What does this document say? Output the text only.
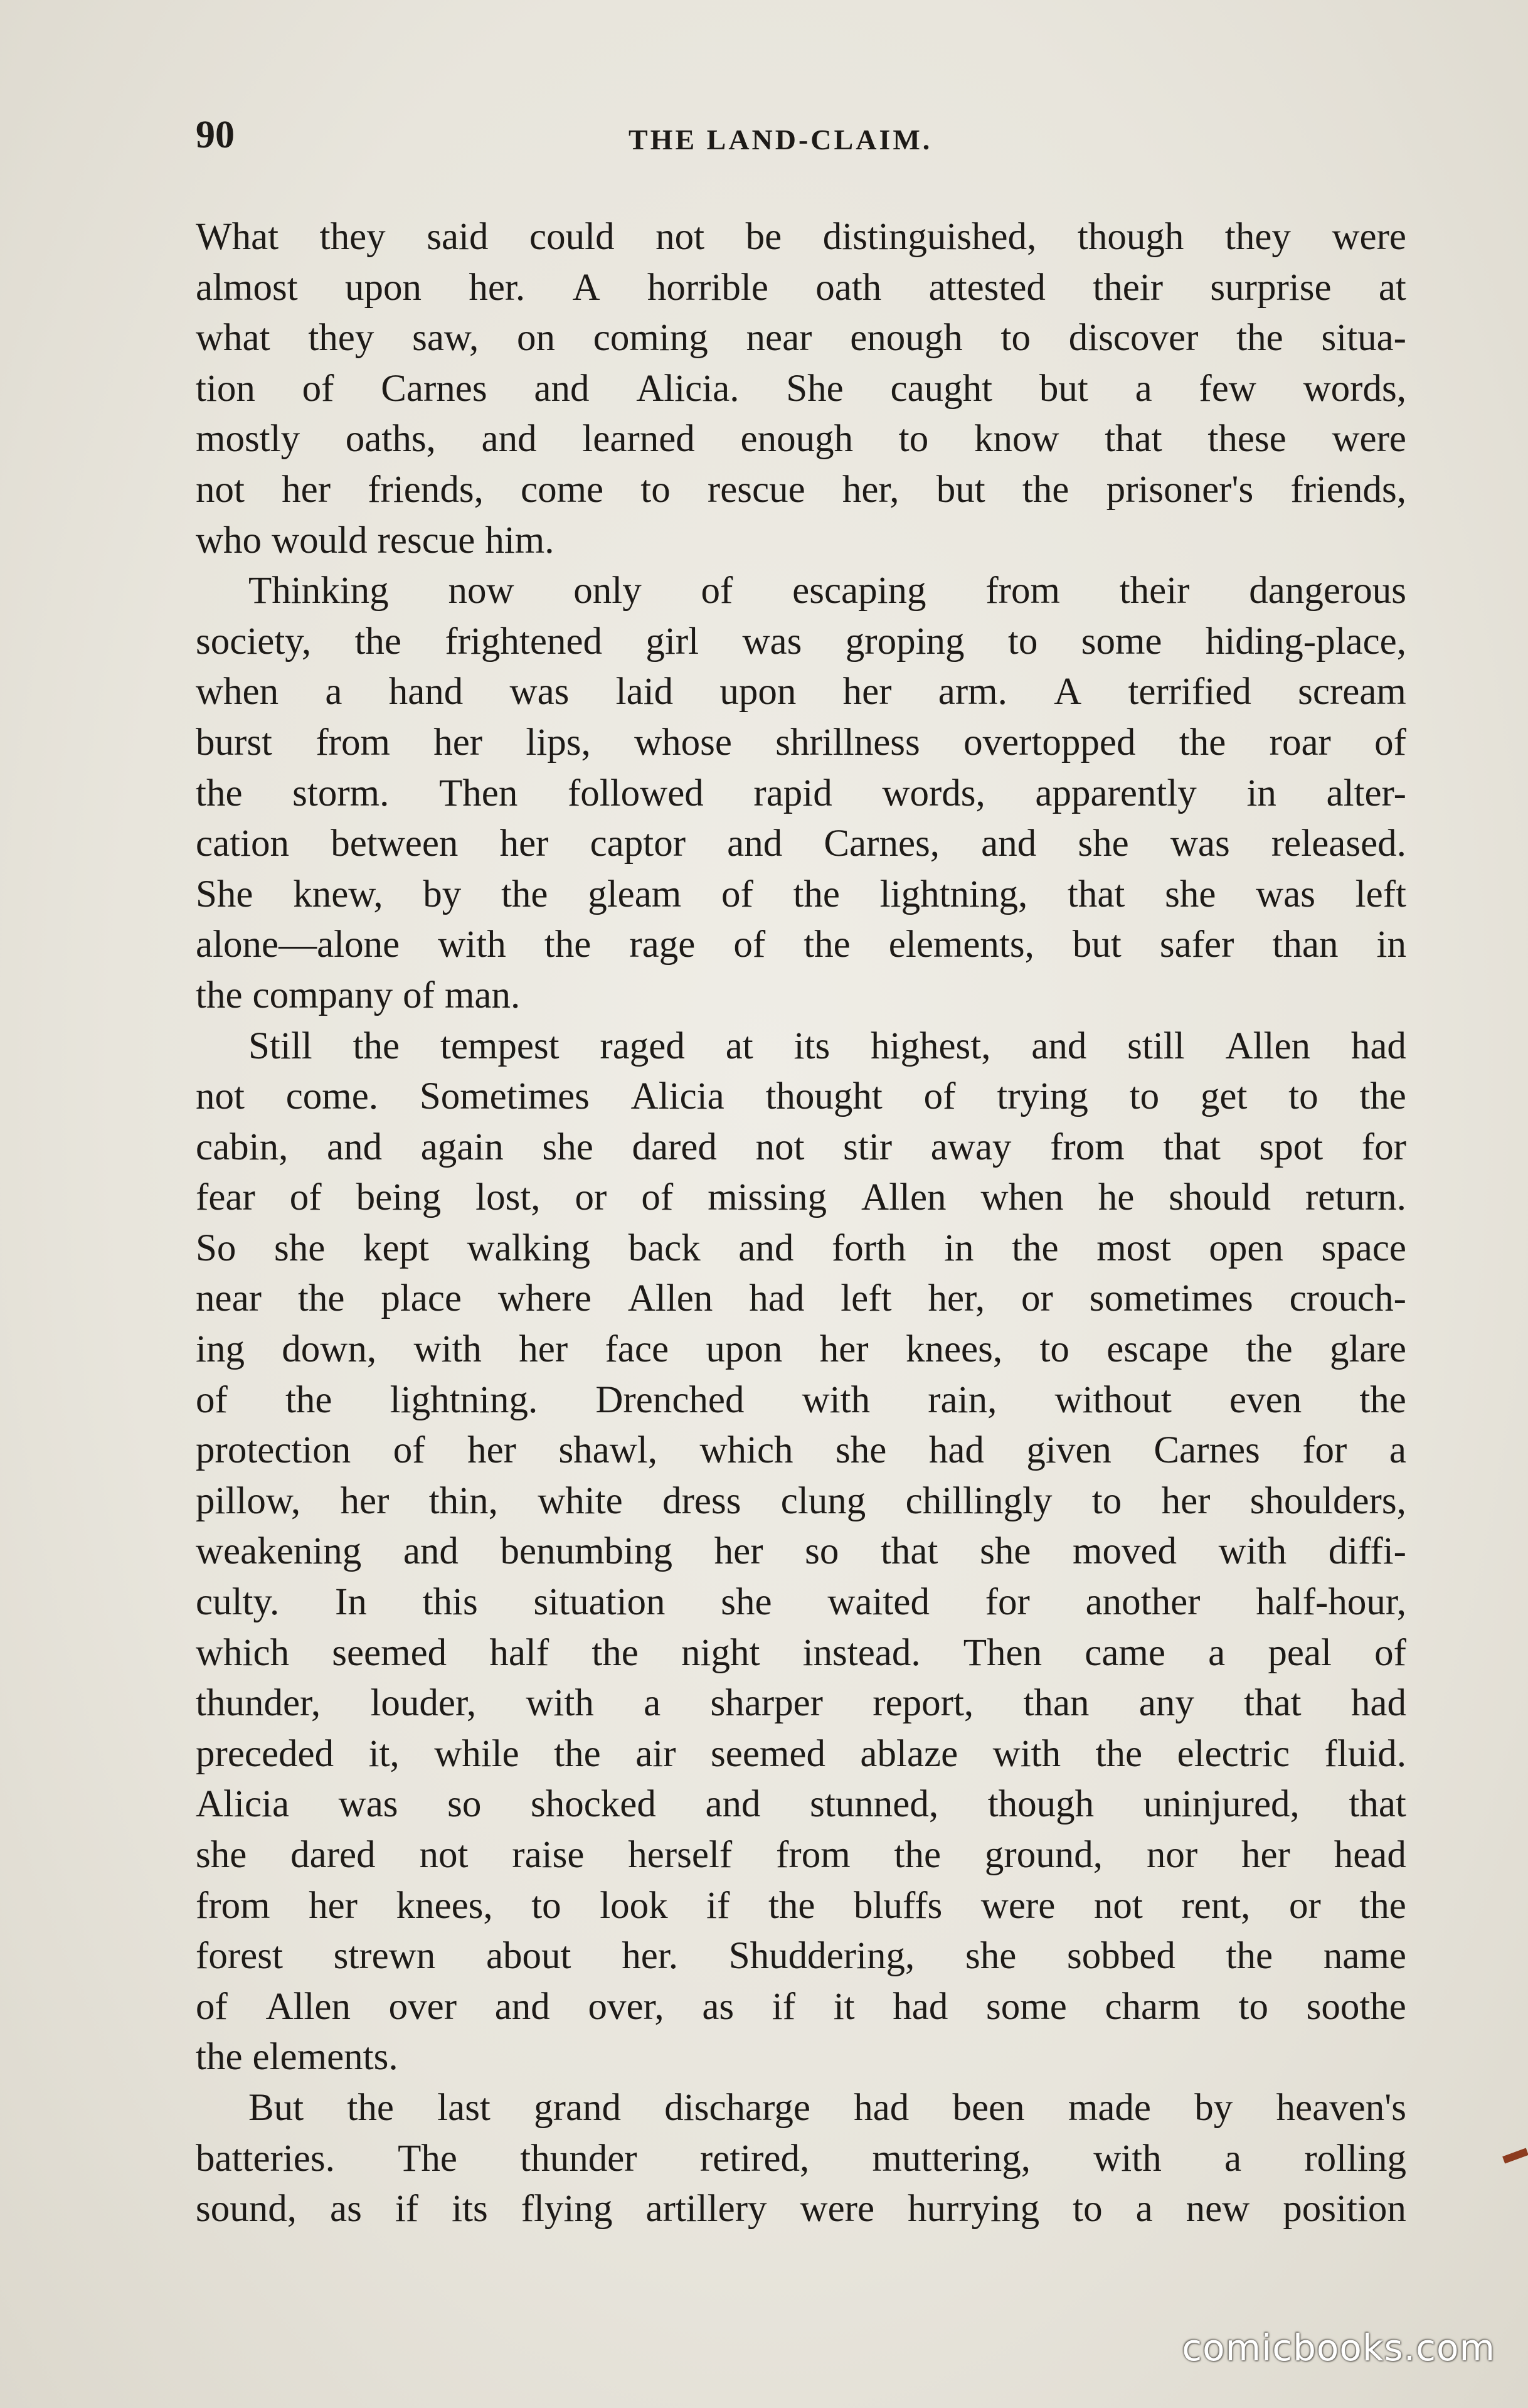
90	THE LAND-CLAIM.
What they said could not be distinguished, though they were
almost upon her. A horrible oath attested their surprise at
what they saw, on coming near enough to discover the situa-
tion of Carnes and Alicia. She caught but a few words,
mostly oaths, and learned enough to know that these were
not her friends, come to rescue her, but the prisoner's friends,
who would rescue him.
Thinking now only of escaping from their dangerous
society, the frightened girl was groping to some hiding-place,
when a hand was laid upon her arm. A terrified scream
burst from her lips, whose shrillness overtopped the roar of
the storm. Then followed rapid words, apparently in alter-
cation between her captor and Carnes, and she was released.
She knew, by the gleam of the lightning, that she was left
alone—alone with the rage of the elements, but safer than in
the company of man.
Still the tempest raged at its highest, and still Allen had
not come. Sometimes Alicia thought of trying to get to the
cabin, and again she dared not stir away from that spot for
fear of being lost, or of missing Allen when he should return.
So she kept walking back and forth in the most open space
near the place where Allen had left her, or sometimes crouch-
ing down, with her face upon her knees, to escape the glare
of the lightning. Drenched with rain, without even the
protection of her shawl, which she had given Carnes for a
pillow, her thin, white dress clung chillingly to her shoulders,
weakening and benumbing her so that she moved with diffi-
culty. In this situation she waited for another half-hour,
which seemed half the night instead. Then came a peal of
thunder, louder, with a sharper report, than any that had
preceded it, while the air seemed ablaze with the electric fluid.
Alicia was so shocked and stunned, though uninjured, that
she dared not raise herself from the ground, nor her head
from her knees, to look if the bluffs were not rent, or the
forest strewn about her. Shuddering, she sobbed the name
of Allen over and over, as if it had some charm to soothe
the elements.
But the last grand discharge had been made by heaven's
batteries. The thunder retired, muttering, with a rolling
sound, as if its flying artillery were hurrying to a new position
comicbooks.com
